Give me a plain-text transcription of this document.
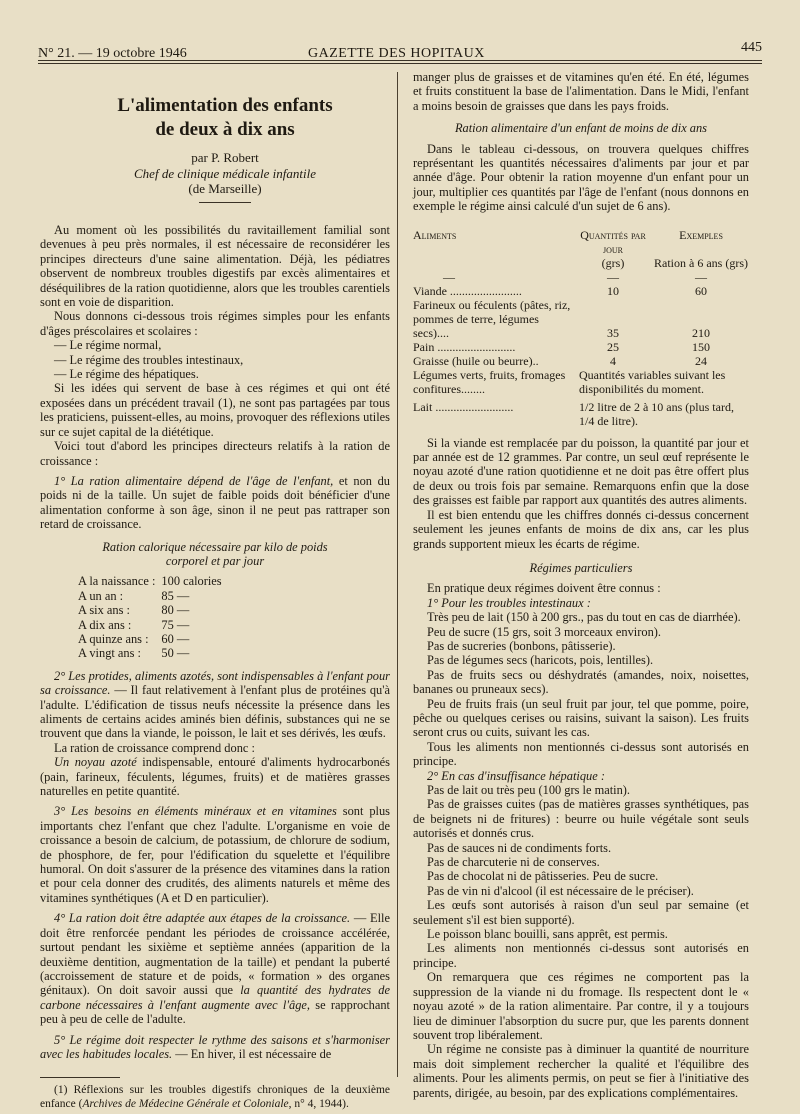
N° 21. — 19 octobre 1946	GAZETTE DES HOPITAUX	445
L'alimentation des enfants
de deux à dix ans
par P. Robert
Chef de clinique médicale infantile
(de Marseille)

Au moment où les possibilités du ravitaillement familial sont devenues à peu près normales, il est nécessaire de reconsidérer les principes directeurs d'une saine alimentation. Déjà, les pédiatres observent de nombreux troubles digestifs par excès alimentaires et déséquilibres de la ration quotidienne, alors que les troubles carentiels sont en voie de disparition.

Nous donnons ci-dessous trois régimes simples pour les enfants d'âges préscolaires et scolaires :

— Le régime normal,

— Le régime des troubles intestinaux,

— Le régime des hépatiques.

Si les idées qui servent de base à ces régimes et qui ont été exposées dans un précédent travail (1), ne sont pas partagées par tous les praticiens, puissent-elles, au moins, provoquer des réflexions utiles sur ce sujet capital de la diététique.

Voici tout d'abord les principes directeurs relatifs à la ration de croissance :

1° La ration alimentaire dépend de l'âge de l'enfant, et non du poids ni de la taille. Un sujet de faible poids doit bénéficier d'une alimentation conforme à son âge, sinon il ne peut pas rattraper son retard de croissance.

Ration calorique nécessaire par kilo de poids

corporel et par jour

A la naissance :	100 calories
A un an :	85 —
A six ans :	80 —
A dix ans :	75 —
A quinze ans :	60 —
A vingt ans :	50 —

2° Les protides, aliments azotés, sont indispensables à l'enfant pour sa croissance. — Il faut relativement à l'enfant plus de protéines qu'à l'adulte. L'édification de tissus neufs nécessite la présence dans les aliments de certains acides aminés bien définis, substances qui ne se trouvent que dans la viande, le poisson, le lait et ses dérivés, les œufs.

La ration de croissance comprend donc :

Un noyau azoté indispensable, entouré d'aliments hydrocarbonés (pain, farineux, féculents, légumes, fruits) et de matières grasses naturelles en petite quantité.

3° Les besoins en éléments minéraux et en vitamines sont plus importants chez l'enfant que chez l'adulte. L'organisme en voie de croissance a besoin de calcium, de potassium, de chlorure de sodium, de phosphore, de fer, pour l'édification du squelette et l'équilibre humoral. On doit s'assurer de la présence des vitamines dans la ration et pour cela donner des crudités, des aliments naturels et même des vitamines synthétiques (A et D en particulier).

4° La ration doit être adaptée aux étapes de la croissance. — Elle doit être renforcée pendant les périodes de croissance accélérée, surtout pendant les sixième et septième années (apparition de la deuxième dentition, augmentation de la taille) et pendant la puberté (accroissement de stature et de poids, « formation » des organes génitaux). On doit savoir aussi que la quantité des hydrates de carbone nécessaires à l'enfant augmente avec l'âge, se rapprochant peu à peu de celle de l'adulte.

5° Le régime doit respecter le rythme des saisons et s'harmoniser avec les habitudes locales. — En hiver, il est nécessaire de

(1) Réflexions sur les troubles digestifs chroniques de la deuxième enfance (Archives de Médecine Générale et Coloniale, n° 4, 1944).

manger plus de graisses et de vitamines qu'en été. En été, légumes et fruits constituent la base de l'alimentation. Dans le Midi, l'enfant a moins besoin de graisses que dans les pays froids.

Ration alimentaire d'un enfant de moins de dix ans

Dans le tableau ci-dessous, on trouvera quelques chiffres représentant les quantités nécessaires d'aliments par jour et par année d'âge. Pour obtenir la ration moyenne d'un enfant pour un jour, multiplier ces quantités par l'âge de l'enfant (nous donnons en exemple le régime ainsi calculé d'un sujet de 6 ans).

Aliments	Quantités par jour	Exemples
	(grs)	Ration à 6 ans (grs)
—	—	—
Viande ........................	10	60
Farineux ou féculents (pâtes, riz, pommes de terre, légumes secs)....	35	210
Pain ..........................	25	150
Graisse (huile ou beurre)..	4	24
Légumes verts, fruits, fromages confitures........	Quantités variables suivant les disponibilités du moment.	
Lait ..........................	1/2 litre de 2 à 10 ans (plus tard, 1/4 de litre).	

Si la viande est remplacée par du poisson, la quantité par jour et par année est de 12 grammes. Par contre, un seul œuf représente le noyau azoté d'une ration quotidienne et ne doit pas être offert plus de deux ou trois fois par semaine. Remarquons enfin que la dose des graisses est faible par rapport aux quantités des autres aliments.

Il est bien entendu que les chiffres donnés ci-dessus concernent seulement les jeunes enfants de moins de dix ans, car les plus grands supportent mieux les écarts de régime.

Régimes particuliers

En pratique deux régimes doivent être connus :

1° Pour les troubles intestinaux :

Très peu de lait (150 à 200 grs., pas du tout en cas de diarrhée).

Peu de sucre (15 grs, soit 3 morceaux environ).

Pas de sucreries (bonbons, pâtisserie).

Pas de légumes secs (haricots, pois, lentilles).

Pas de fruits secs ou déshydratés (amandes, noix, noisettes, bananes ou pruneaux secs).

Peu de fruits frais (un seul fruit par jour, tel que pomme, poire, pêche ou quelques cerises ou raisins, suivant la saison). Les fruits seront crus ou cuits, suivant les cas.

Tous les aliments non mentionnés ci-dessus sont autorisés en principe.

2° En cas d'insuffisance hépatique :

Pas de lait ou très peu (100 grs le matin).

Pas de graisses cuites (pas de matières grasses synthétiques, pas de beignets ni de fritures) : beurre ou huile végétale sont seuls autorisés et donnés crus.

Pas de sauces ni de condiments forts.

Pas de charcuterie ni de conserves.

Pas de chocolat ni de pâtisseries. Peu de sucre.

Pas de vin ni d'alcool (il est nécessaire de le préciser).

Les œufs sont autorisés à raison d'un seul par semaine (et seulement s'il est bien supporté).

Le poisson blanc bouilli, sans apprêt, est permis.

Les aliments non mentionnés ci-dessus sont autorisés en principe.

On remarquera que ces régimes ne comportent pas la suppression de la viande ni du fromage. Ils respectent dont le « noyau azoté » de la ration alimentaire. Par contre, il y a toujours lieu de diminuer l'absorption du sucre pur, que les parents donnent souvent trop libéralement.

Un régime ne consiste pas à diminuer la quantité de nourriture mais doit simplement rechercher la qualité et l'équilibre des aliments. Pour les aliments permis, on peut se fier à l'initiative des parents, dirigée, au besoin, par des explications complémentaires.
